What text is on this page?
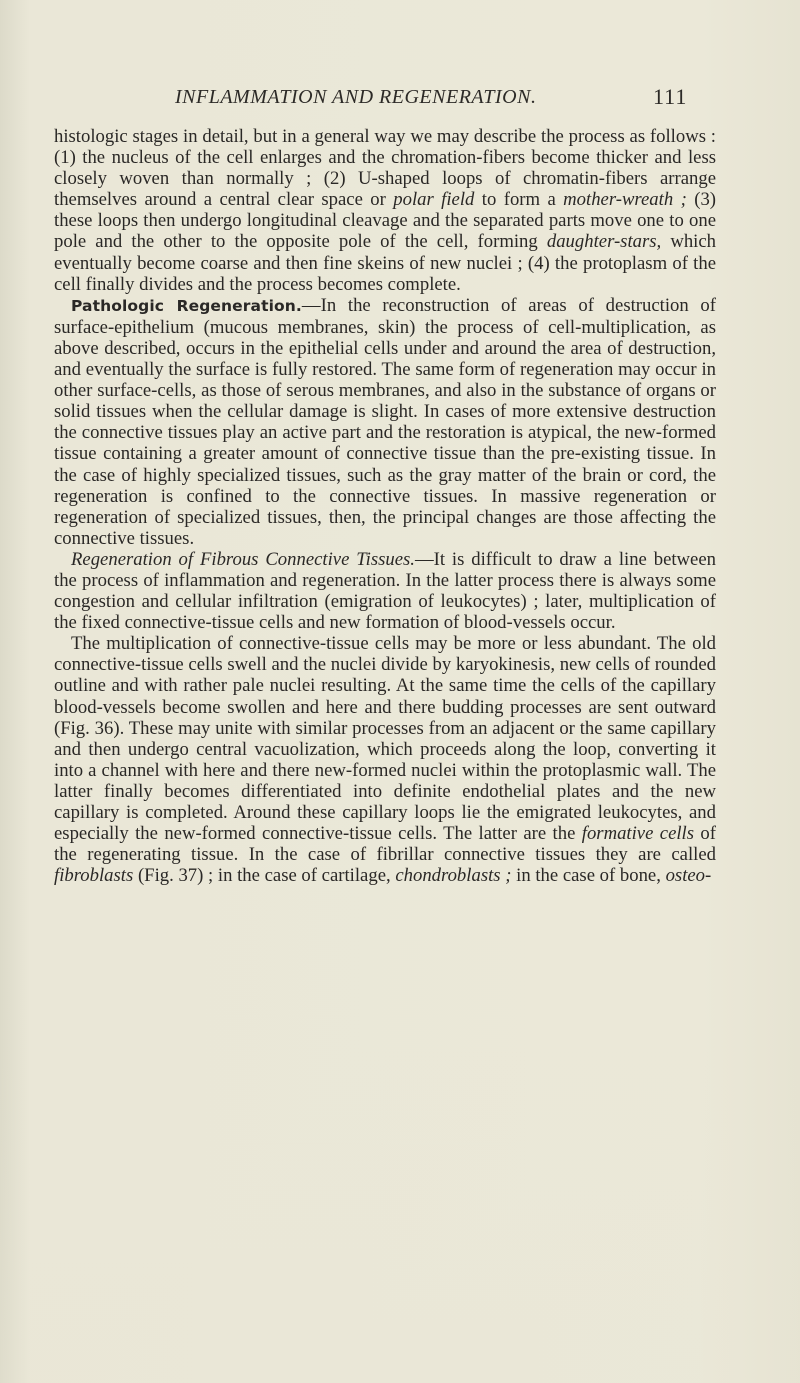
INFLAMMATION AND REGENERATION.	111

histologic stages in detail, but in a general way we may describe the process as follows : (1) the nucleus of the cell enlarges and the chromation-fibers become thicker and less closely woven than normally ; (2) U-shaped loops of chromatin-fibers arrange themselves around a central clear space or polar field to form a mother-wreath ; (3) these loops then undergo longitudinal cleavage and the separated parts move one to one pole and the other to the opposite pole of the cell, forming daughter-stars, which eventually become coarse and then fine skeins of new nuclei ; (4) the protoplasm of the cell finally divides and the process becomes complete.

Pathologic Regeneration.—In the reconstruction of areas of destruction of surface-epithelium (mucous membranes, skin) the process of cell-multiplication, as above described, occurs in the epithelial cells under and around the area of destruction, and eventually the surface is fully restored. The same form of regeneration may occur in other surface-cells, as those of serous membranes, and also in the substance of organs or solid tissues when the cellular damage is slight. In cases of more extensive destruction the connective tissues play an active part and the restoration is atypical, the new-formed tissue containing a greater amount of connective tissue than the pre-existing tissue. In the case of highly specialized tissues, such as the gray matter of the brain or cord, the regeneration is confined to the connective tissues. In massive regeneration or regeneration of specialized tissues, then, the principal changes are those affecting the connective tissues.

Regeneration of Fibrous Connective Tissues.—It is difficult to draw a line between the process of inflammation and regeneration. In the latter process there is always some congestion and cellular infiltration (emigration of leukocytes) ; later, multiplication of the fixed connective-tissue cells and new formation of blood-vessels occur.

The multiplication of connective-tissue cells may be more or less abundant. The old connective-tissue cells swell and the nuclei divide by karyokinesis, new cells of rounded outline and with rather pale nuclei resulting. At the same time the cells of the capillary blood-vessels become swollen and here and there budding processes are sent outward (Fig. 36). These may unite with similar processes from an adjacent or the same capillary and then undergo central vacuolization, which proceeds along the loop, converting it into a channel with here and there new-formed nuclei within the protoplasmic wall. The latter finally becomes differentiated into definite endothelial plates and the new capillary is completed. Around these capillary loops lie the emigrated leukocytes, and especially the new-formed connective-tissue cells. The latter are the formative cells of the regenerating tissue. In the case of fibrillar connective tissues they are called fibroblasts (Fig. 37) ; in the case of cartilage, chondroblasts ; in the case of bone, osteo-
